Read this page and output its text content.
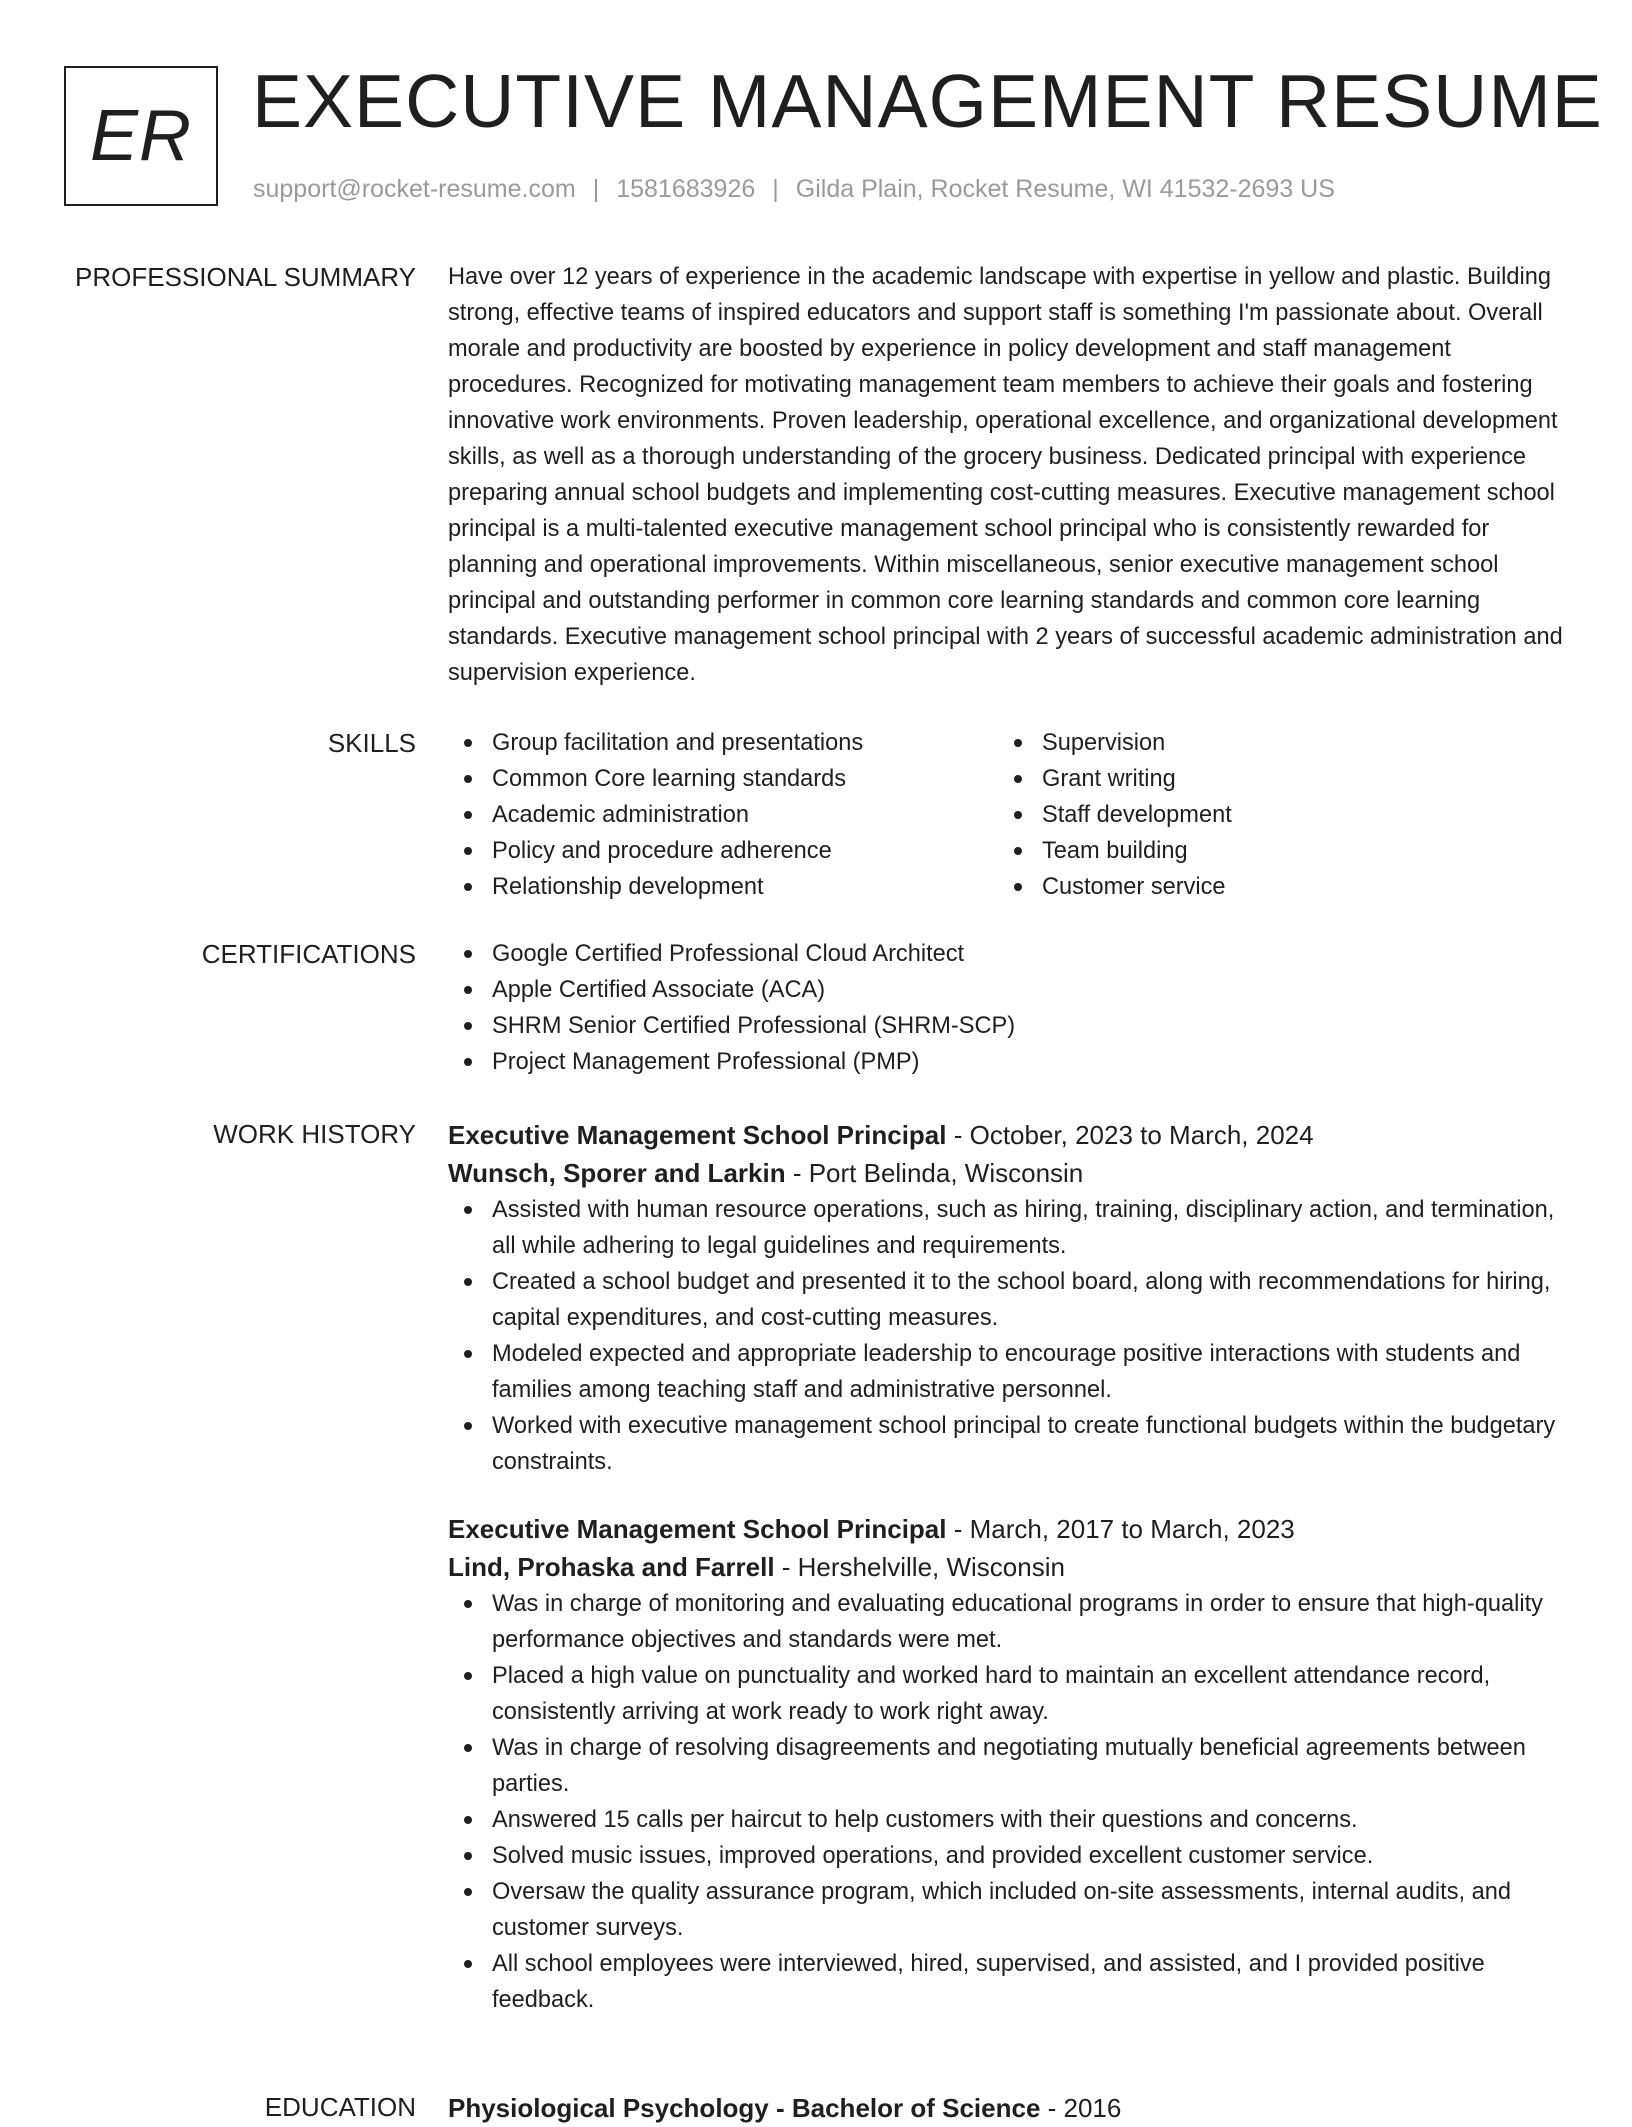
ER EXECUTIVE MANAGEMENT RESUME
support@rocket-resume.com | 1581683926 | Gilda Plain, Rocket Resume, WI 41532-2693 US
PROFESSIONAL SUMMARY Have over 12 years of experience in the academic landscape with expertise in yellow and plastic. Building strong, effective teams of inspired educators and support staff is something I'm passionate about. Overall morale and productivity are boosted by experience in policy development and staff management procedures. Recognized for motivating management team members to achieve their goals and fostering innovative work environments. Proven leadership, operational excellence, and organizational development skills, as well as a thorough understanding of the grocery business. Dedicated principal with experience preparing annual school budgets and implementing cost-cutting measures. Executive management school principal is a multi-talented executive management school principal who is consistently rewarded for planning and operational improvements. Within miscellaneous, senior executive management school principal and outstanding performer in common core learning standards and common core learning standards. Executive management school principal with 2 years of successful academic administration and supervision experience.

SKILLS	Group facilitation and presentations
Common Core learning standards
Academic administration
Policy and procedure adherence
Relationship development
Supervision
Grant writing
Staff development
Team building
Customer service
CERTIFICATIONS	Google Certified Professional Cloud Architect
Apple Certified Associate (ACA)
SHRM Senior Certified Professional (SHRM-SCP)
Project Management Professional (PMP)
WORK HISTORY Executive Management School Principal - October, 2023 to March, 2024
Wunsch, Sporer and Larkin - Port Belinda, Wisconsin
Assisted with human resource operations, such as hiring, training, disciplinary action, and termination, all while adhering to legal guidelines and requirements.
Created a school budget and presented it to the school board, along with recommendations for hiring, capital expenditures, and cost-cutting measures.
Modeled expected and appropriate leadership to encourage positive interactions with students and families among teaching staff and administrative personnel.
Worked with executive management school principal to create functional budgets within the budgetary constraints.
Executive Management School Principal - March, 2017 to March, 2023
Lind, Prohaska and Farrell - Hershelville, Wisconsin
Was in charge of monitoring and evaluating educational programs in order to ensure that high-quality performance objectives and standards were met.
Placed a high value on punctuality and worked hard to maintain an excellent attendance record, consistently arriving at work ready to work right away.
Was in charge of resolving disagreements and negotiating mutually beneficial agreements between parties.
Answered 15 calls per haircut to help customers with their questions and concerns.
Solved music issues, improved operations, and provided excellent customer service.
Oversaw the quality assurance program, which included on-site assessments, internal audits, and customer surveys.
All school employees were interviewed, hired, supervised, and assisted, and I provided positive feedback.
EDUCATION Physiological Psychology - Bachelor of Science - 2016
